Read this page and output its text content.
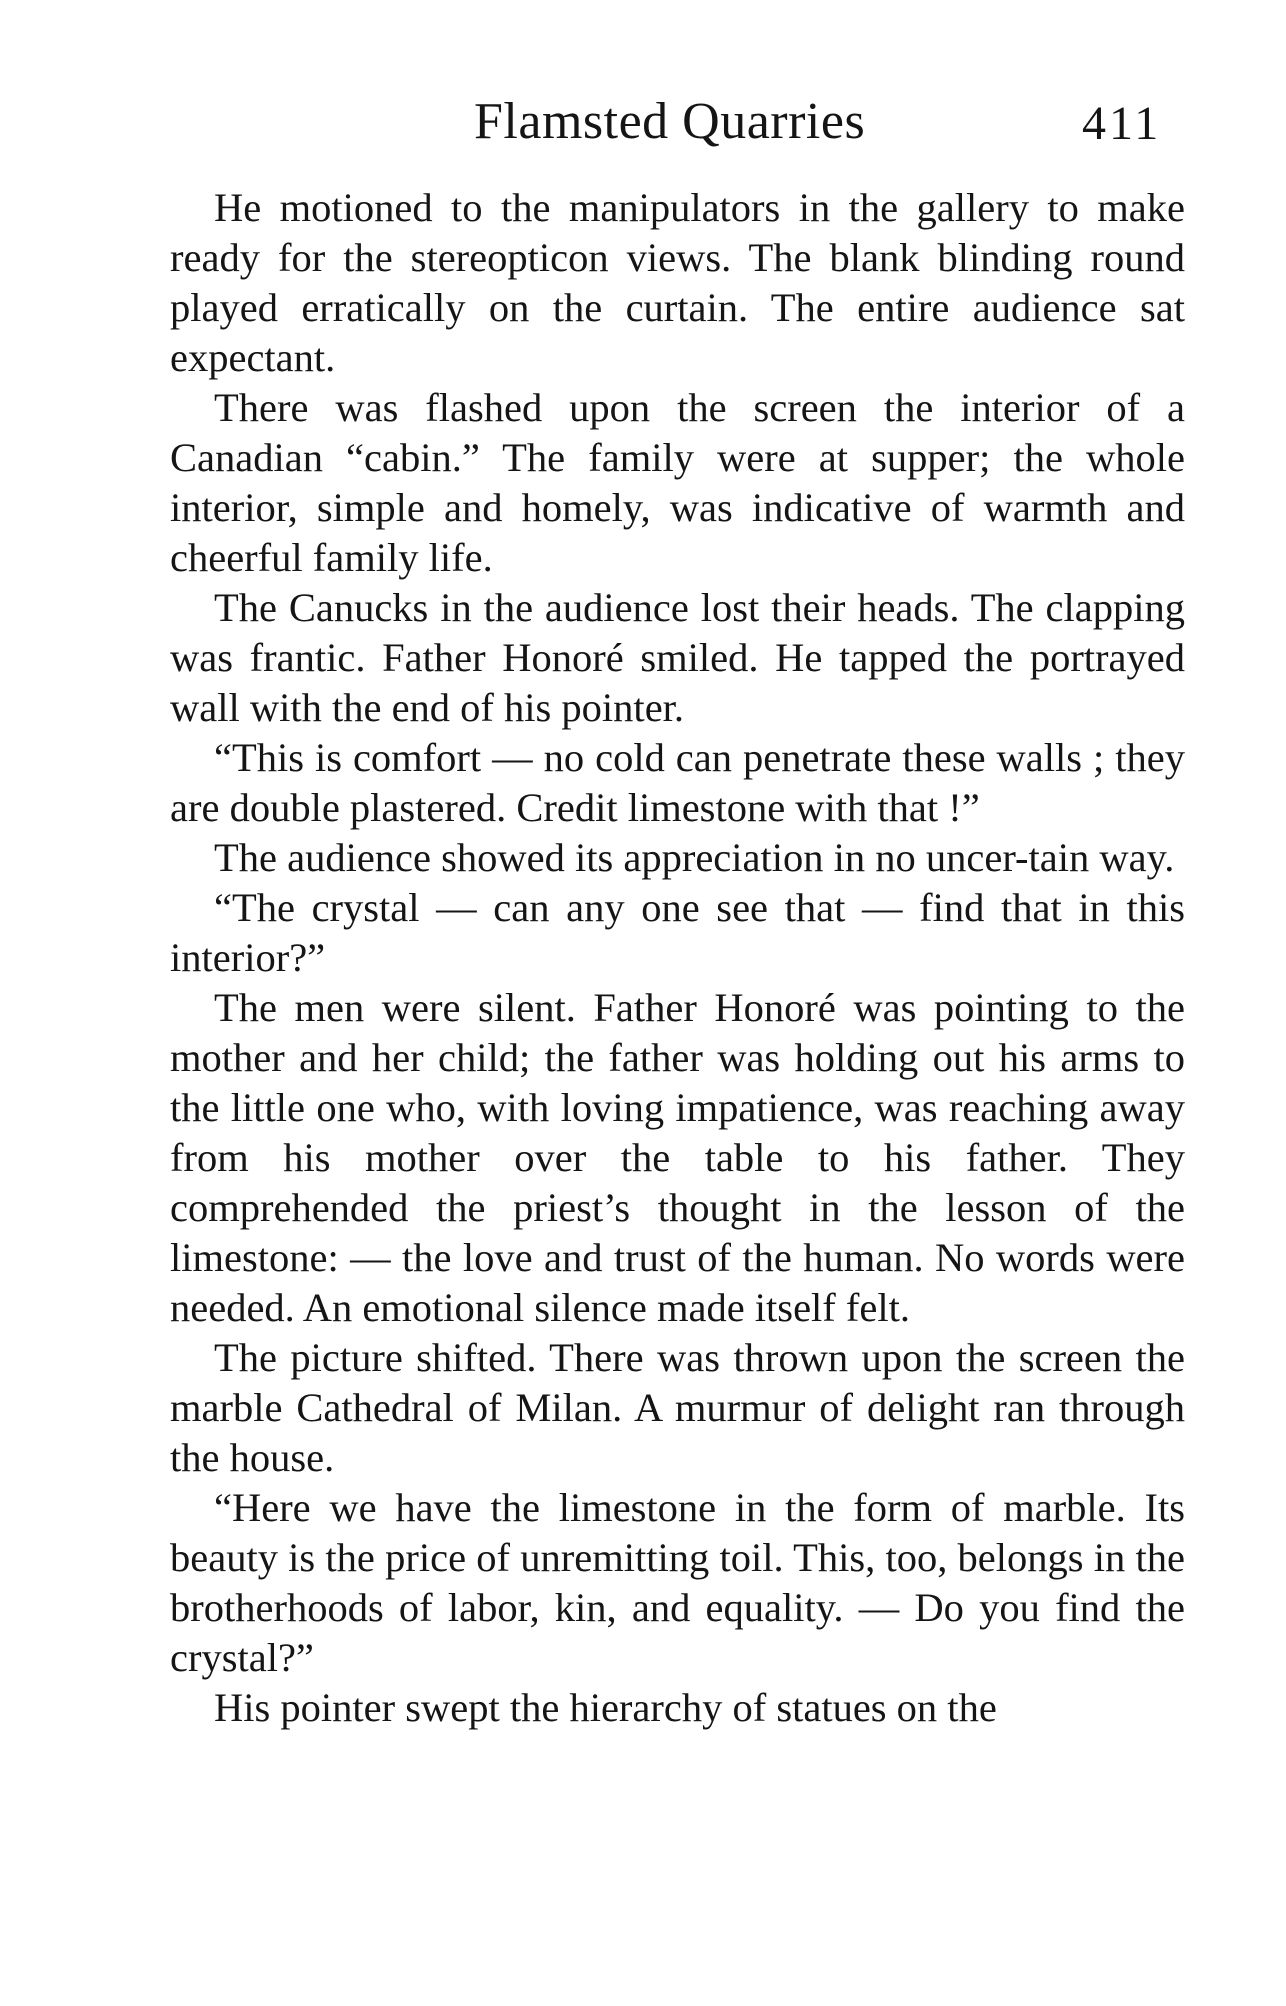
Flamsted Quarries	411

He motioned to the manipulators in the gallery to make ready for the stereopticon views. The blank blinding round played erratically on the curtain. The entire audience sat expectant.

There was flashed upon the screen the interior of a Canadian “cabin.” The family were at supper; the whole interior, simple and homely, was indicative of warmth and cheerful family life.

The Canucks in the audience lost their heads. The clapping was frantic. Father Honoré smiled. He tapped the portrayed wall with the end of his pointer.

“This is comfort — no cold can penetrate these walls ; they are double plastered. Credit limestone with that !”

The audience showed its appreciation in no uncer-tain way.

“The crystal — can any one see that — find that in this interior?”

The men were silent. Father Honoré was pointing to the mother and her child; the father was holding out his arms to the little one who, with loving impatience, was reaching away from his mother over the table to his father. They comprehended the priest’s thought in the lesson of the limestone: — the love and trust of the human. No words were needed. An emotional silence made itself felt.

The picture shifted. There was thrown upon the screen the marble Cathedral of Milan. A murmur of delight ran through the house.

“Here we have the limestone in the form of marble. Its beauty is the price of unremitting toil. This, too, belongs in the brotherhoods of labor, kin, and equality. — Do you find the crystal?”

His pointer swept the hierarchy of statues on the
